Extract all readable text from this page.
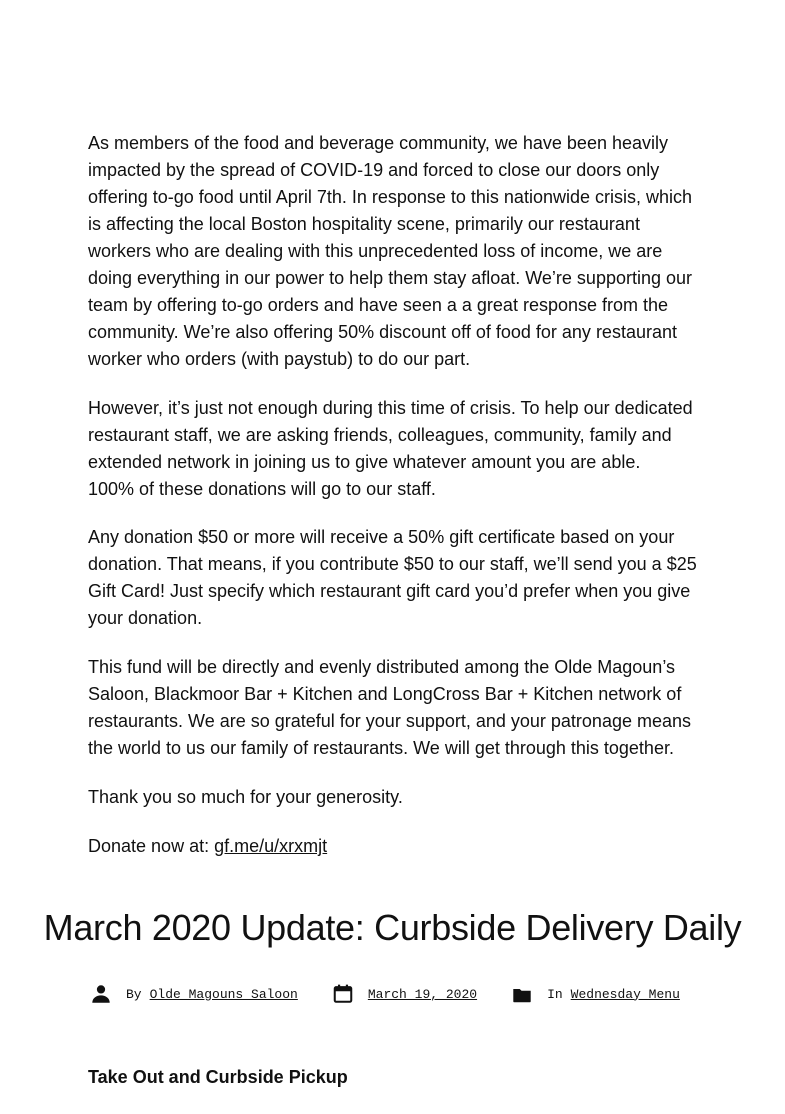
As members of the food and beverage community, we have been heavily impacted by the spread of COVID-19 and forced to close our doors only offering to-go food until April 7th. In response to this nationwide crisis, which is affecting the local Boston hospitality scene, primarily our restaurant workers who are dealing with this unprecedented loss of income, we are doing everything in our power to help them stay afloat. We’re supporting our team by offering to-go orders and have seen a a great response from the community. We’re also offering 50% discount off of food for any restaurant worker who orders (with paystub) to do our part.

However, it’s just not enough during this time of crisis. To help our dedicated restaurant staff, we are asking friends, colleagues, community, family and extended network in joining us to give whatever amount you are able.
100% of these donations will go to our staff.

Any donation $50 or more will receive a 50% gift certificate based on your donation. That means, if you contribute $50 to our staff, we’ll send you a $25 Gift Card! Just specify which restaurant gift card you’d prefer when you give your donation.

This fund will be directly and evenly distributed among the Olde Magoun’s Saloon, Blackmoor Bar + Kitchen and LongCross Bar + Kitchen network of restaurants. We are so grateful for your support, and your patronage means the world to us our family of restaurants. We will get through this together.

Thank you so much for your generosity.

Donate now at: gf.me/u/xrxmjt

March 2020 Update: Curbside Delivery Daily
By Olde Magouns Saloon	March 19, 2020	In Wednesday Menu
Take Out and Curbside Pickup
